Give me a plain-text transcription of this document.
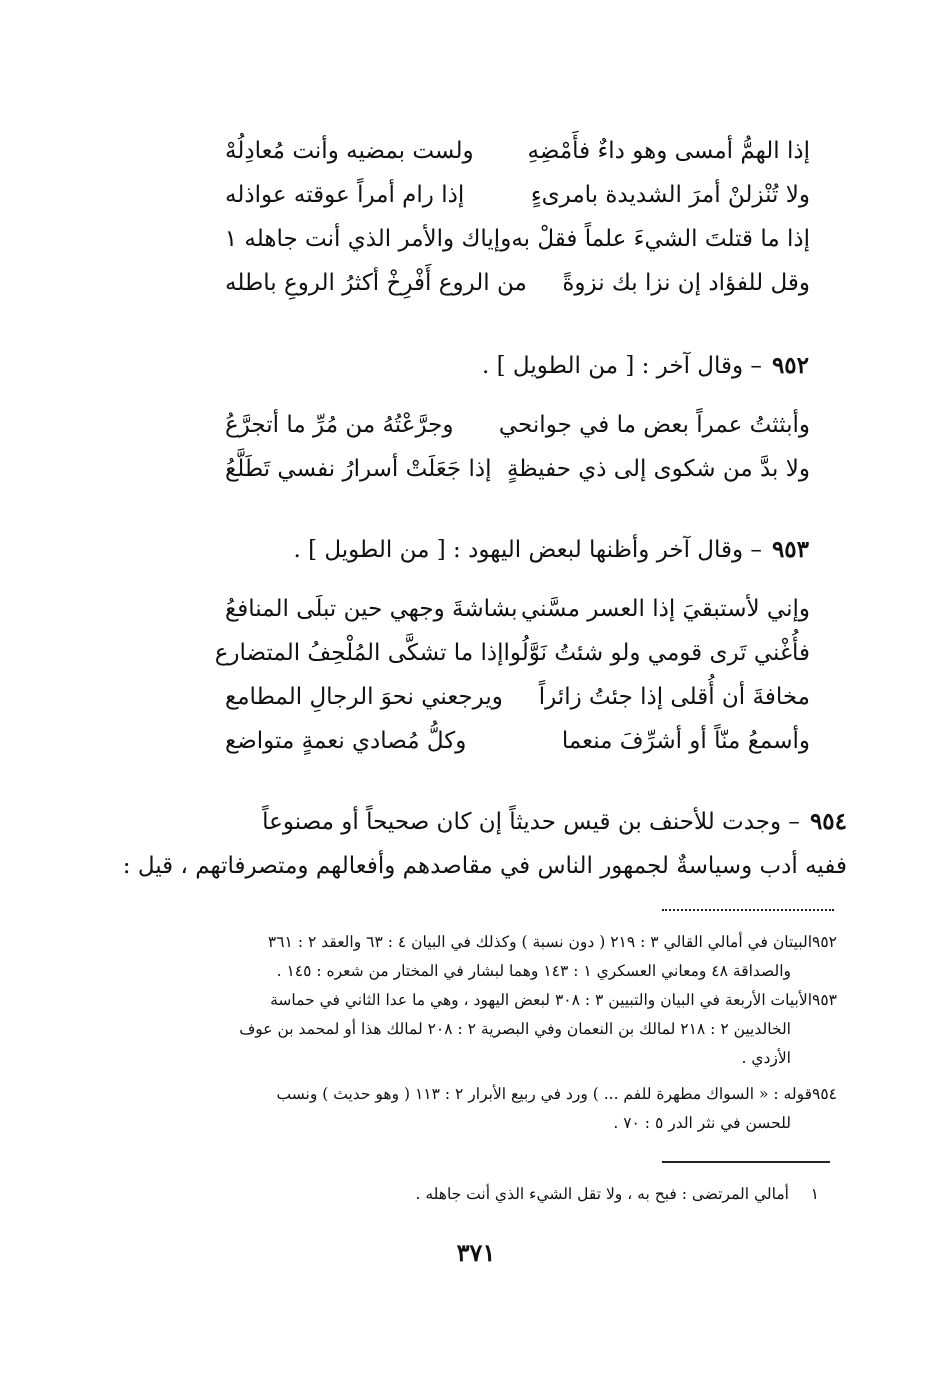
إذا الهمُّ أمسى وهو داءٌ فأَمْضِهِ
ولست بمضيه وأنت مُعادِلُهْ
ولا تُنْزلنْ أمرَ الشديدة بامرىءٍ
إذا رام أمراً عوقته عواذله
إذا ما قتلتَ الشيءَ علماً فقلْ به
وإياك والأمر الذي أنت جاهله ١
وقل للفؤاد إن نزا بك نزوةً
من الروع أَفْرِخْ أكثرُ الروعِ باطله
٩٥٢– وقال آخر : [ من الطويل ] .
وأبثثتُ عمراً بعض ما في جوانحي
وجرَّعْتُهُ من مُرِّ ما أتجرَّعُ
ولا بدَّ من شكوى إلى ذي حفيظةٍ
إذا جَعَلَتْ أسرارُ نفسي تَطَلَّعُ
٩٥٣– وقال آخر وأظنها لبعض اليهود : [ من الطويل ] .
وإني لأستبقيَ إذا العسر مسَّني
بشاشةَ وجهي حين تبلَى المنافعُ
فأُغْني تَرى قومي ولو شئتُ نَوَّلُوا
إذا ما تشكَّى المُلْحِفُ المتضارع
مخافةَ أن أُقلى إذا جئتُ زائراً
ويرجعني نحوَ الرجالِ المطامع
وأسمعُ منّاً أو أشرِّفَ منعما
وكلُّ مُصادي نعمةٍ متواضع
٩٥٤– وجدت للأحنف بن قيس حديثاً إن كان صحيحاً أو مصنوعاً
ففيه أدب وسياسةٌ لجمهور الناس في مقاصدهم وأفعالهم ومتصرفاتهم ، قيل :
٩٥٢البيتان في أمالي القالي ٣ : ٢١٩ ( دون نسبة ) وكذلك في البيان ٤ : ٦٣ والعقد ٢ : ٣٦١
والصداقة ٤٨ ومعاني العسكري ١ : ١٤٣ وهما لبشار في المختار من شعره : ١٤٥ .
٩٥٣الأبيات الأربعة في البيان والتبيين ٣ : ٣٠٨ لبعض اليهود ، وهي ما عدا الثاني في حماسة
الخالديين ٢ : ٢١٨ لمالك بن النعمان وفي البصرية ٢ : ٢٠٨ لمالك هذا أو لمحمد بن عوف
الأزدي .
٩٥٤قوله : « السواك مطهرة للفم ... ) ورد في ربيع الأبرار ٢ : ١١٣ ( وهو حديث ) ونسب
للحسن في نثر الدر ٥ : ٧٠ .
١أمالي المرتضى : فبح به ، ولا تقل الشيء الذي أنت جاهله .
٣٧١
